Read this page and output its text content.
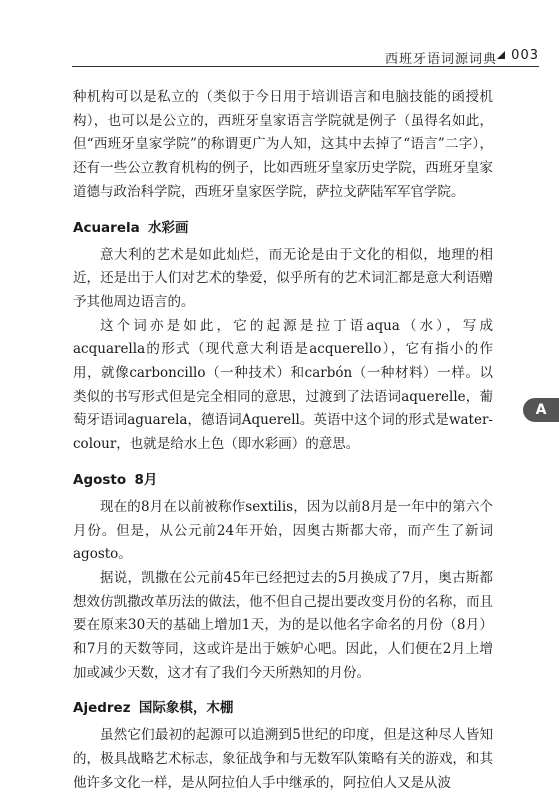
西班牙语词源词典 003
A

种机构可以是私立的（类似于今日用于培训语言和电脑技能的函授机构），也可以是公立的，西班牙皇家语言学院就是例子（虽得名如此，但“西班牙皇家学院”的称谓更广为人知，这其中去掉了“语言”二字），还有一些公立教育机构的例子，比如西班牙皇家历史学院，西班牙皇家道德与政治科学院，西班牙皇家医学院，萨拉戈萨陆军军官学院。

Acuarela 水彩画

意大利的艺术是如此灿烂，而无论是由于文化的相似，地理的相近，还是出于人们对艺术的挚爱，似乎所有的艺术词汇都是意大利语赠予其他周边语言的。

这个词亦是如此，它的起源是拉丁语aqua（水），写成acquarella的形式（现代意大利语是acquerello），它有指小的作用，就像carboncillo（一种技术）和carbón（一种材料）一样。以类似的书写形式但是完全相同的意思，过渡到了法语词aquerelle，葡萄牙语词aguarela，德语词Aquerell。英语中这个词的形式是water-colour，也就是给水上色（即水彩画）的意思。

Agosto 8月

现在的8月在以前被称作sextilis，因为以前8月是一年中的第六个月份。但是，从公元前24年开始，因奥古斯都大帝，而产生了新词agosto。

据说，凯撒在公元前45年已经把过去的5月换成了7月，奥古斯都想效仿凯撒改革历法的做法，他不但自己提出要改变月份的名称，而且要在原来30天的基础上增加1天，为的是以他名字命名的月份（8月）和7月的天数等同，这或许是出于嫉妒心吧。因此，人们便在2月上增加或减少天数，这才有了我们今天所熟知的月份。

Ajedrez 国际象棋，木棚

虽然它们最初的起源可以追溯到5世纪的印度，但是这种尽人皆知的，极具战略艺术标志，象征战争和与无数军队策略有关的游戏，和其他许多文化一样，是从阿拉伯人手中继承的，阿拉伯人又是从波
